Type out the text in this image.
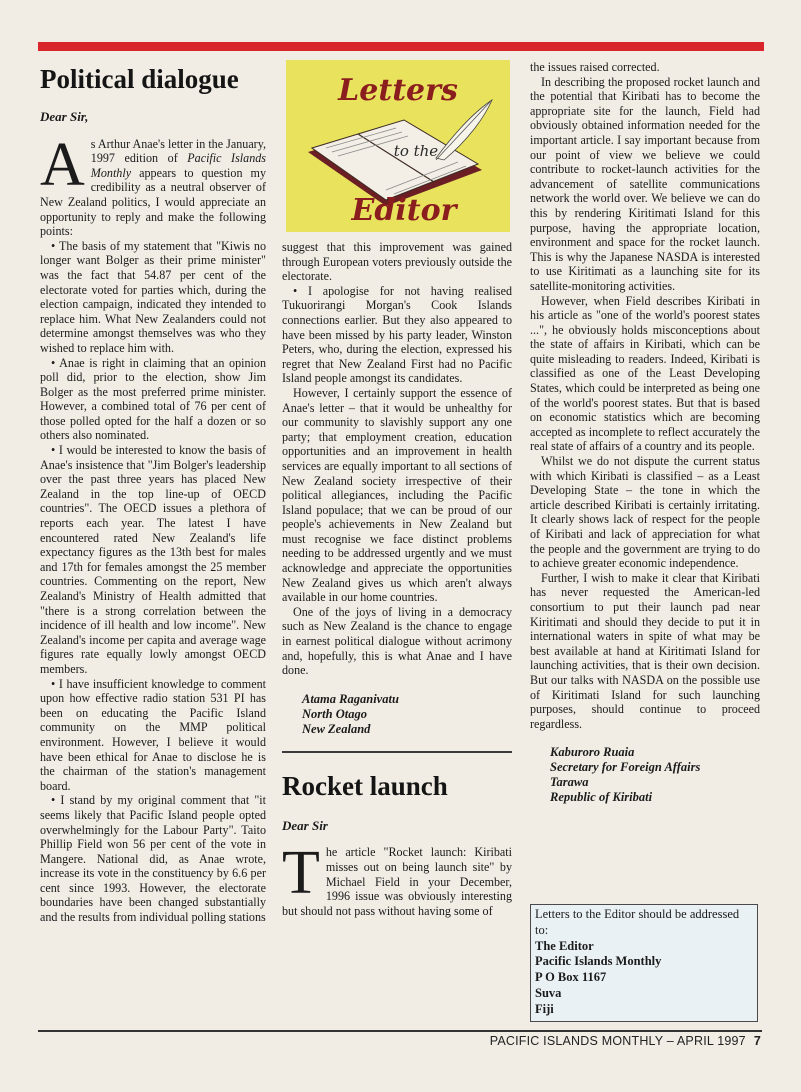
Political dialogue
Dear Sir,

As Arthur Anae's letter in the January, 1997 edition of Pacific Islands Monthly appears to question my credibility as a neutral observer of New Zealand politics, I would appreciate an opportunity to reply and make the following points:

• The basis of my statement that "Kiwis no longer want Bolger as their prime minister" was the fact that 54.87 per cent of the electorate voted for parties which, during the election campaign, indicated they intended to replace him. What New Zealanders could not determine amongst themselves was who they wished to replace him with.

• Anae is right in claiming that an opinion poll did, prior to the election, show Jim Bolger as the most preferred prime minister. However, a combined total of 76 per cent of those polled opted for the half a dozen or so others also nominated.

• I would be interested to know the basis of Anae's insistence that "Jim Bolger's leadership over the past three years has placed New Zealand in the top line-up of OECD countries". The OECD issues a plethora of reports each year. The latest I have encountered rated New Zealand's life expectancy figures as the 13th best for males and 17th for females amongst the 25 member countries. Commenting on the report, New Zealand's Ministry of Health admitted that "there is a strong correlation between the incidence of ill health and low income". New Zealand's income per capita and average wage figures rate equally lowly amongst OECD members.

• I have insufficient knowledge to comment upon how effective radio station 531 PI has been on educating the Pacific Island community on the MMP political environment. However, I believe it would have been ethical for Anae to disclose he is the chairman of the station's management board.

• I stand by my original comment that "it seems likely that Pacific Island people opted overwhelmingly for the Labour Party". Taito Phillip Field won 56 per cent of the vote in Mangere. National did, as Anae wrote, increase its vote in the constituency by 6.6 per cent since 1993. However, the electorate boundaries have been changed substantially and the results from individual polling stations

Letters
to the
Editor

suggest that this improvement was gained through European voters previously outside the electorate.

• I apologise for not having realised Tukuorirangi Morgan's Cook Islands connections earlier. But they also appeared to have been missed by his party leader, Winston Peters, who, during the election, expressed his regret that New Zealand First had no Pacific Island people amongst its candidates.

However, I certainly support the essence of Anae's letter – that it would be unhealthy for our community to slavishly support any one party; that employment creation, education opportunities and an improvement in health services are equally important to all sections of New Zealand society irrespective of their political allegiances, including the Pacific Island populace; that we can be proud of our people's achievements in New Zealand but must recognise we face distinct problems needing to be addressed urgently and we must acknowledge and appreciate the opportunities New Zealand gives us which aren't always available in our home countries.

One of the joys of living in a democracy such as New Zealand is the chance to engage in earnest political dialogue without acrimony and, hopefully, this is what Anae and I have done.

Atama Raganivatu
North Otago
New Zealand
Rocket launch
Dear Sir

The article "Rocket launch: Kiribati misses out on being launch site" by Michael Field in your December, 1996 issue was obviously interesting but should not pass without having some of

the issues raised corrected.

In describing the proposed rocket launch and the potential that Kiribati has to become the appropriate site for the launch, Field had obviously obtained information needed for the important article. I say important because from our point of view we believe we could contribute to rocket-launch activities for the advancement of satellite communications network the world over. We believe we can do this by rendering Kiritimati Island for this purpose, having the appropriate location, environment and space for the rocket launch. This is why the Japanese NASDA is interested to use Kiritimati as a launching site for its satellite-monitoring activities.

However, when Field describes Kiribati in his article as "one of the world's poorest states ...", he obviously holds misconceptions about the state of affairs in Kiribati, which can be quite misleading to readers. Indeed, Kiribati is classified as one of the Least Developing States, which could be interpreted as being one of the world's poorest states. But that is based on economic statistics which are becoming accepted as incomplete to reflect accurately the real state of affairs of a country and its people.

Whilst we do not dispute the current status with which Kiribati is classified – as a Least Developing State – the tone in which the article described Kiribati is certainly irritating. It clearly shows lack of respect for the people of Kiribati and lack of appreciation for what the people and the government are trying to do to achieve greater economic independence.

Further, I wish to make it clear that Kiribati has never requested the American-led consortium to put their launch pad near Kiritimati and should they decide to put it in international waters in spite of what may be best available at hand at Kiritimati Island for launching activities, that is their own decision. But our talks with NASDA on the possible use of Kiritimati Island for such launching purposes, should continue to proceed regardless.

Kaburoro Ruaia
Secretary for Foreign Affairs
Tarawa
Republic of Kiribati
Letters to the Editor should be addressed to:
The Editor
Pacific Islands Monthly
P O Box 1167
Suva
Fiji
PACIFIC ISLANDS MONTHLY – APRIL 1997 7
